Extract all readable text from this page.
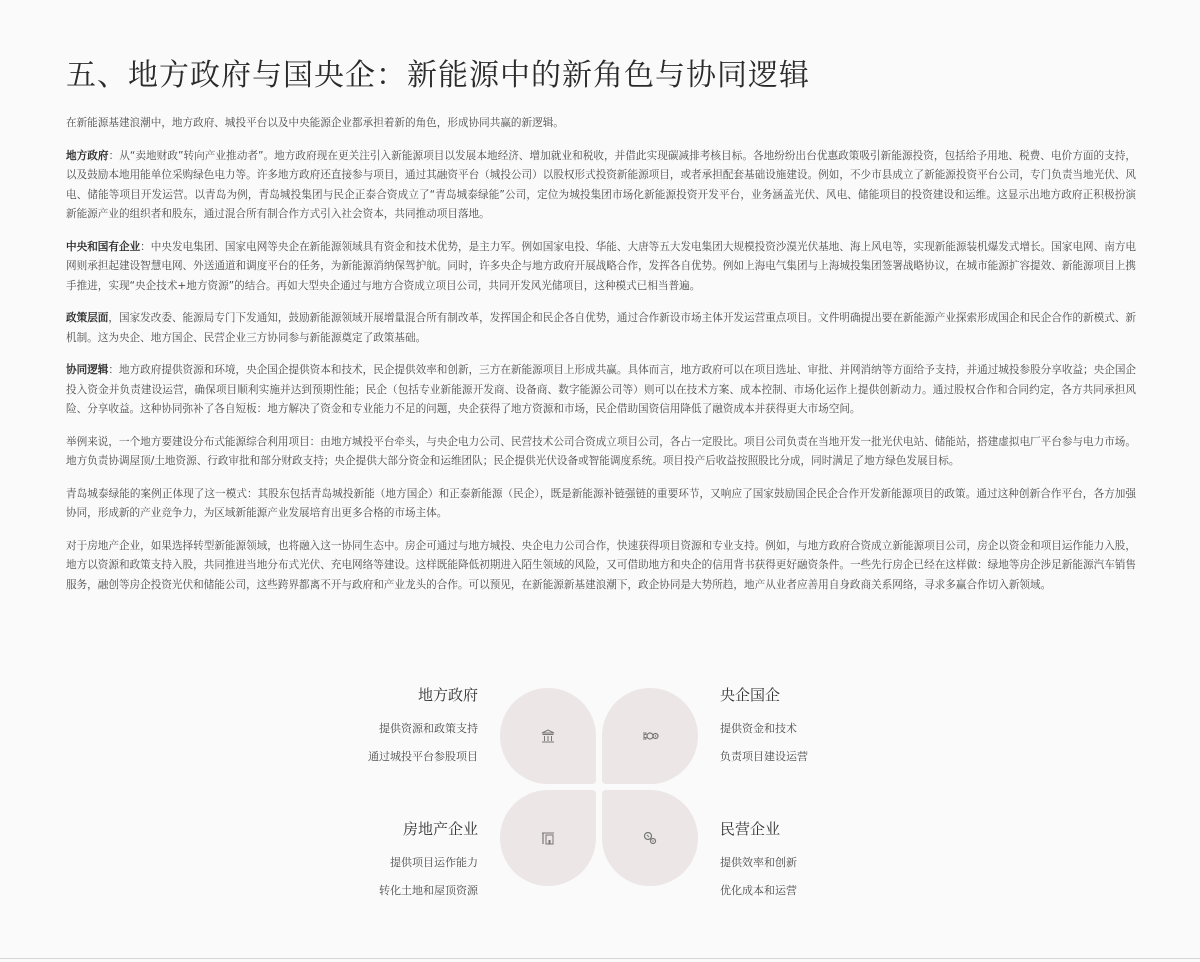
五、地方政府与国央企：新能源中的新角色与协同逻辑

在新能源基建浪潮中，地方政府、城投平台以及中央能源企业都承担着新的角色，形成协同共赢的新逻辑。

地方政府：从“卖地财政”转向产业推动者”。地方政府现在更关注引入新能源项目以发展本地经济、增加就业和税收，并借此实现碳减排考核目标。各地纷纷出台优惠政策吸引新能源投资，包括给予用地、税费、电价方面的支持，以及鼓励本地用能单位采购绿色电力等。许多地方政府还直接参与项目，通过其融资平台（城投公司）以股权形式投资新能源项目，或者承担配套基础设施建设。例如，不少市县成立了新能源投资平台公司，专门负责当地光伏、风电、储能等项目开发运营。以青岛为例，青岛城投集团与民企正泰合资成立了“青岛城泰绿能”公司，定位为城投集团市场化新能源投资开发平台，业务涵盖光伏、风电、储能项目的投资建设和运维。这显示出地方政府正积极扮演新能源产业的组织者和股东，通过混合所有制合作方式引入社会资本，共同推动项目落地。

中央和国有企业：中央发电集团、国家电网等央企在新能源领域具有资金和技术优势，是主力军。例如国家电投、华能、大唐等五大发电集团大规模投资沙漠光伏基地、海上风电等，实现新能源装机爆发式增长。国家电网、南方电网则承担起建设智慧电网、外送通道和调度平台的任务，为新能源消纳保驾护航。同时，许多央企与地方政府开展战略合作，发挥各自优势。例如上海电气集团与上海城投集团签署战略协议，在城市能源扩容提效、新能源项目上携手推进，实现“央企技术+地方资源”的结合。再如大型央企通过与地方合资成立项目公司，共同开发风光储项目，这种模式已相当普遍。

政策层面，国家发改委、能源局专门下发通知，鼓励新能源领域开展增量混合所有制改革，发挥国企和民企各自优势，通过合作新设市场主体开发运营重点项目。文件明确提出要在新能源产业探索形成国企和民企合作的新模式、新机制。这为央企、地方国企、民营企业三方协同参与新能源奠定了政策基础。

协同逻辑：地方政府提供资源和环境，央企国企提供资本和技术，民企提供效率和创新，三方在新能源项目上形成共赢。具体而言，地方政府可以在项目选址、审批、并网消纳等方面给予支持，并通过城投参股分享收益；央企国企投入资金并负责建设运营，确保项目顺利实施并达到预期性能；民企（包括专业新能源开发商、设备商、数字能源公司等）则可以在技术方案、成本控制、市场化运作上提供创新动力。通过股权合作和合同约定，各方共同承担风险、分享收益。这种协同弥补了各自短板：地方解决了资金和专业能力不足的问题，央企获得了地方资源和市场，民企借助国资信用降低了融资成本并获得更大市场空间。

举例来说，一个地方要建设分布式能源综合利用项目：由地方城投平台牵头，与央企电力公司、民营技术公司合资成立项目公司，各占一定股比。项目公司负责在当地开发一批光伏电站、储能站，搭建虚拟电厂平台参与电力市场。地方负责协调屋顶/土地资源、行政审批和部分财政支持；央企提供大部分资金和运维团队；民企提供光伏设备或智能调度系统。项目投产后收益按照股比分成，同时满足了地方绿色发展目标。

青岛城泰绿能的案例正体现了这一模式：其股东包括青岛城投新能（地方国企）和正泰新能源（民企），既是新能源补链强链的重要环节，又响应了国家鼓励国企民企合作开发新能源项目的政策。通过这种创新合作平台，各方加强协同，形成新的产业竞争力，为区域新能源产业发展培育出更多合格的市场主体。

对于房地产企业，如果选择转型新能源领域，也将融入这一协同生态中。房企可通过与地方城投、央企电力公司合作，快速获得项目资源和专业支持。例如，与地方政府合资成立新能源项目公司，房企以资金和项目运作能力入股，地方以资源和政策支持入股，共同推进当地分布式光伏、充电网络等建设。这样既能降低初期进入陌生领域的风险，又可借助地方和央企的信用背书获得更好融资条件。一些先行房企已经在这样做：绿地等房企涉足新能源汽车销售服务，融创等房企投资光伏和储能公司，这些跨界都离不开与政府和产业龙头的合作。可以预见，在新能源新基建浪潮下，政企协同是大势所趋，地产从业者应善用自身政商关系网络，寻求多赢合作切入新领域。

地方政府
提供资源和政策支持
通过城投平台参股项目
央企国企
提供资金和技术
负责项目建设运营
房地产企业
提供项目运作能力
转化土地和屋顶资源
民营企业
提供效率和创新
优化成本和运营
